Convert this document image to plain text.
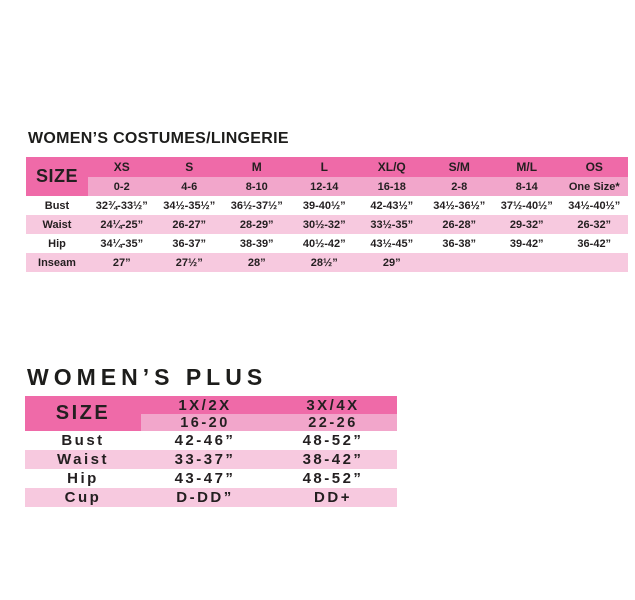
WOMEN’S COSTUMES/LINGERIE
SIZE	XS	S	M	L	XL/Q	S/M	M/L	OS
	0-2	4-6	8-10	12-14	16-18	2-8	8-14	One Size*
Bust	32¾-33½”	34½-35½”	36½-37½”	39-40½”	42-43½”	34½-36½”	37½-40½”	34½-40½”
Waist	24¼-25”	26-27”	28-29”	30½-32”	33½-35”	26-28”	29-32”	26-32”
Hip	34¼-35”	36-37”	38-39”	40½-42”	43½-45”	36-38”	39-42”	36-42”
Inseam	27”	27½”	28”	28½”	29”			
WOMEN’S PLUS
SIZE	1X/2X	3X/4X
	16-20	22-26
Bust	42-46”	48-52”
Waist	33-37”	38-42”
Hip	43-47”	48-52”
Cup	D-DD”	DD+
